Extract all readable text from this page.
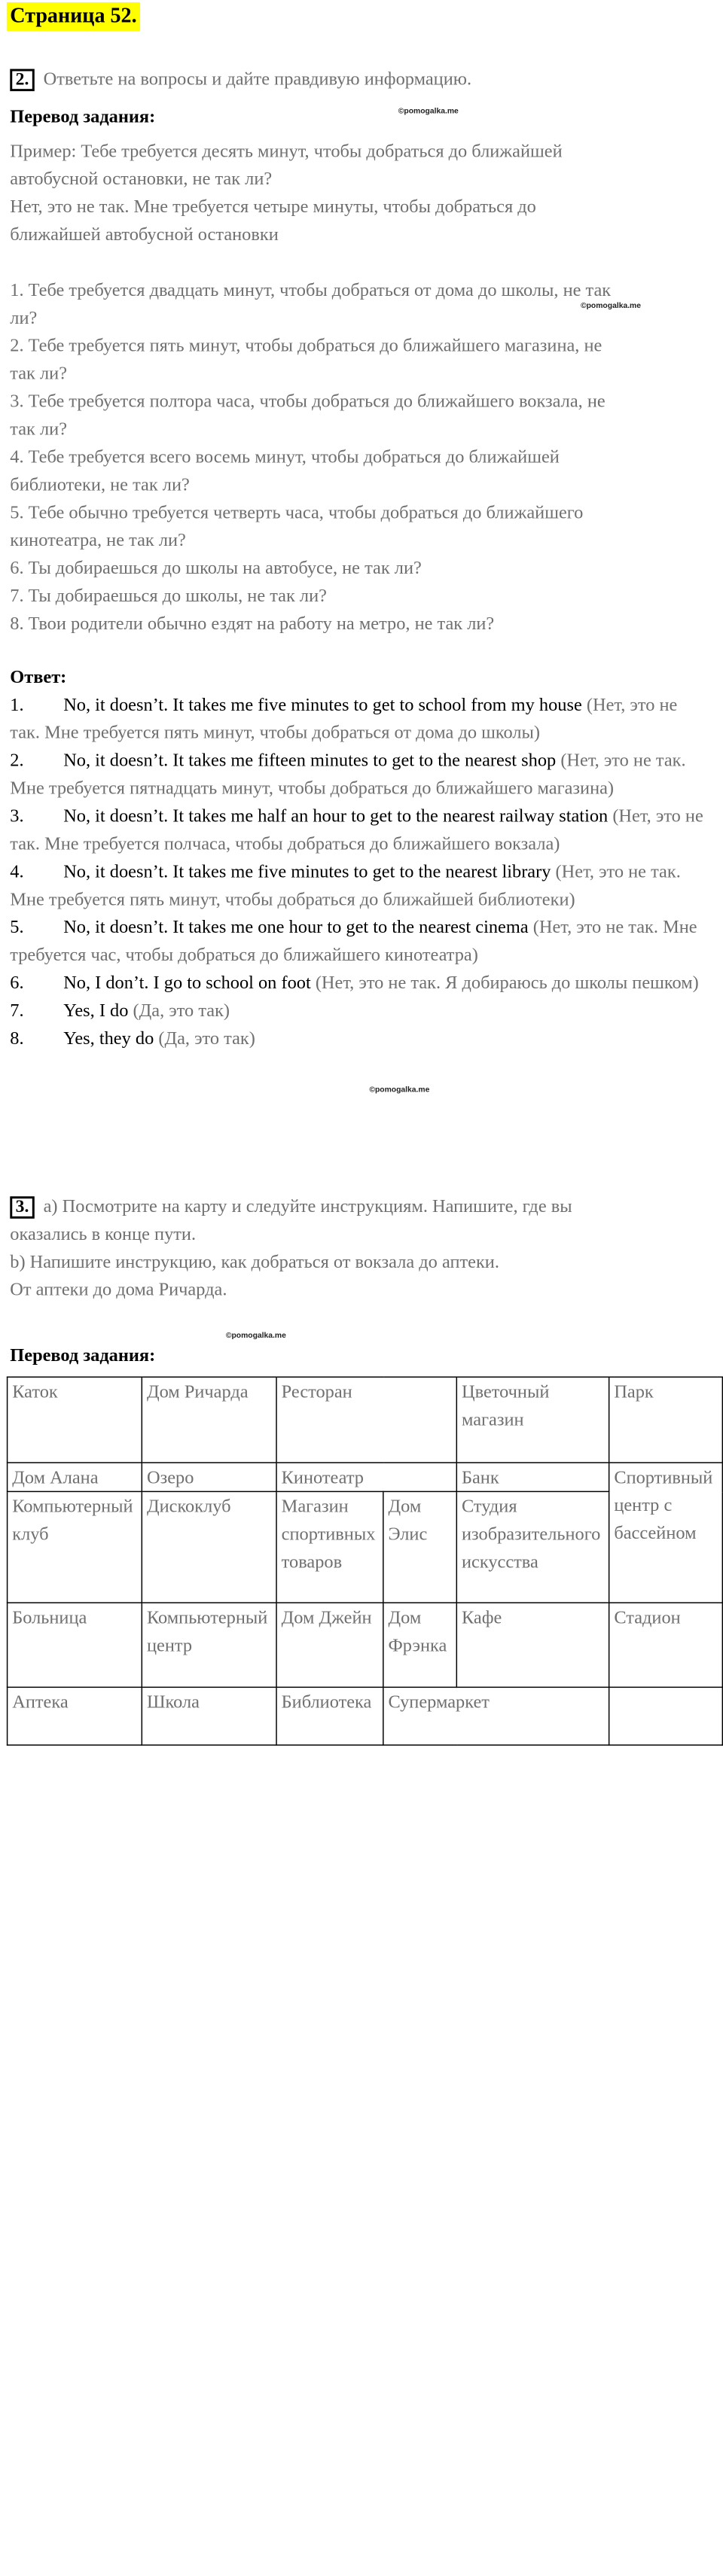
Страница 52.
2. Ответьте на вопросы и дайте правдивую информацию.
Перевод задания:	©pomogalka.me
Пример: Тебе требуется десять минут, чтобы добраться до ближайшей
автобусной остановки, не так ли?
Нет, это не так. Мне требуется четыре минуты, чтобы добраться до
ближайшей автобусной остановки
1. Тебе требуется двадцать минут, чтобы добраться от дома до школы, не так
ли?
2. Тебе требуется пять минут, чтобы добраться до ближайшего магазина, не
так ли?
3. Тебе требуется полтора часа, чтобы добраться до ближайшего вокзала, не
так ли?
4. Тебе требуется всего восемь минут, чтобы добраться до ближайшей
библиотеки, не так ли?
5. Тебе обычно требуется четверть часа, чтобы добраться до ближайшего
кинотеатра, не так ли?
6. Ты добираешься до школы на автобусе, не так ли?
7. Ты добираешься до школы, не так ли?
8. Твои родители обычно ездят на работу на метро, не так ли?
©pomogalka.me
Ответ:
1.	No, it doesn’t. It takes me five minutes to get to school from my house (Нет, это не так. Мне требуется пять минут, чтобы добраться от дома до школы)
2.	No, it doesn’t. It takes me fifteen minutes to get to the nearest shop (Нет, это не так. Мне требуется пятнадцать минут, чтобы добраться до ближайшего магазина)
3.	No, it doesn’t. It takes me half an hour to get to the nearest railway station (Нет, это не так. Мне требуется полчаса, чтобы добраться до ближайшего вокзала)
4.	No, it doesn’t. It takes me five minutes to get to the nearest library (Нет, это не так. Мне требуется пять минут, чтобы добраться до ближайшей библиотеки)
5.	No, it doesn’t. It takes me one hour to get to the nearest cinema (Нет, это не так. Мне требуется час, чтобы добраться до ближайшего кинотеатра)
6.	No, I don’t. I go to school on foot (Нет, это не так. Я добираюсь до школы пешком)
7.	Yes, I do (Да, это так)
8.	Yes, they do (Да, это так)
©pomogalka.me
3. a) Посмотрите на карту и следуйте инструкциям. Напишите, где вы
оказались в конце пути.
b) Напишите инструкцию, как добраться от вокзала до аптеки.
От аптеки до дома Ричарда.
©pomogalka.me
Перевод задания:
Каток	Дом Ричарда	Ресторан		Цветочный магазин	Парк
Дом Алана	Озеро	Кинотеатр		Банк	Спортивный центр с бассейном
Компьютерный клуб	Дискоклуб	Магазин спортивных товаров	Дом Элис	Студия изобразительного искусства	
Больница	Компьютерный центр	Дом Джейн	Дом Фрэнка	Кафе	Стадион
Аптека	Школа	Библиотека	Супермаркет		
